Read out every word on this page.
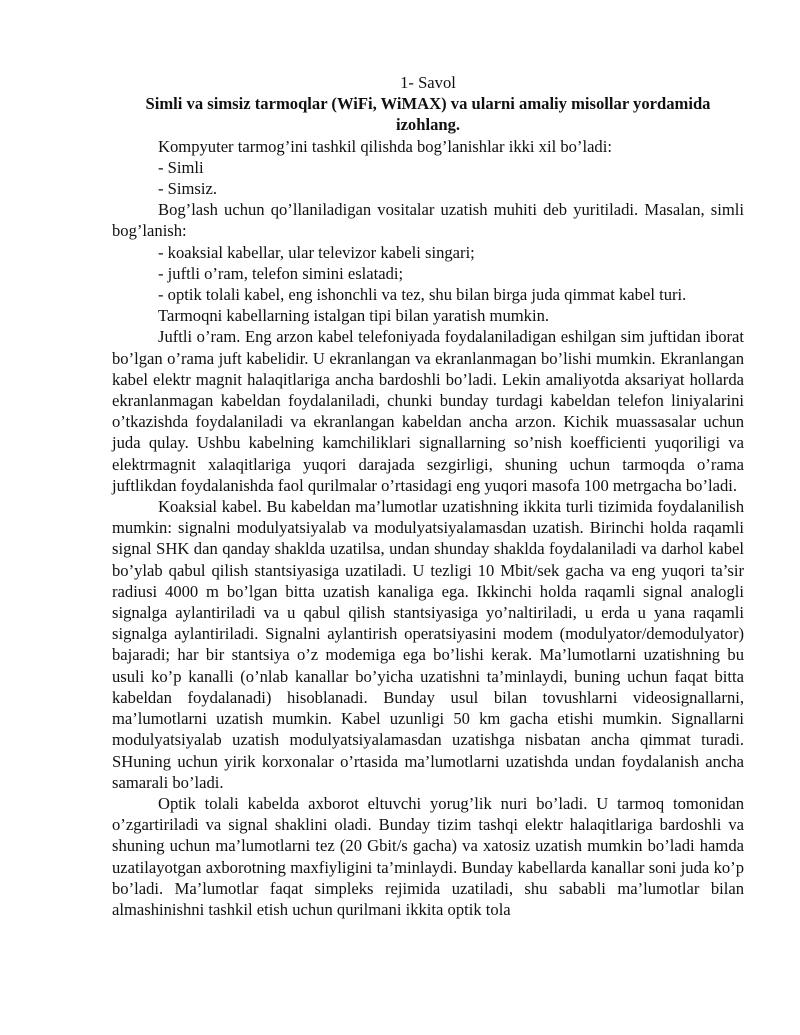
1- Savol

Simli va simsiz tarmoqlar (WiFi, WiMAX) va ularni amaliy misollar yordamida izohlang.

Kompyuter tarmog’ini tashkil qilishda bog’lanishlar ikki xil bo’ladi:

- Simli

- Simsiz.

Bog’lash uchun qo’llaniladigan vositalar uzatish muhiti deb yuritiladi. Masalan, simli bog’lanish:

- koaksial kabellar, ular televizor kabeli singari;

- juftli o’ram, telefon simini eslatadi;

- optik tolali kabel, eng ishonchli va tez, shu bilan birga juda qimmat kabel turi.

Tarmoqni kabellarning istalgan tipi bilan yaratish mumkin.

Juftli o’ram. Eng arzon kabel telefoniyada foydalaniladigan eshilgan sim juftidan iborat bo’lgan o’rama juft kabelidir. U ekranlangan va ekranlanmagan bo’lishi mumkin. Ekranlangan kabel elektr magnit halaqitlariga ancha bardoshli bo’ladi. Lekin amaliyotda aksariyat hollarda ekranlanmagan kabeldan foydalaniladi, chunki bunday turdagi kabeldan telefon liniyalarini o’tkazishda foydalaniladi va ekranlangan kabeldan ancha arzon. Kichik muassasalar uchun juda qulay. Ushbu kabelning kamchiliklari signallarning so’nish koefficienti yuqoriligi va elektrmagnit xalaqitlariga yuqori darajada sezgirligi, shuning uchun tarmoqda o’rama juftlikdan foydalanishda faol qurilmalar o’rtasidagi eng yuqori masofa 100 metrgacha bo’ladi.

Koaksial kabel. Bu kabeldan ma’lumotlar uzatishning ikkita turli tizimida foydalanilish mumkin: signalni modulyatsiyalab va modulyatsiyalamasdan uzatish. Birinchi holda raqamli signal SHK dan qanday shaklda uzatilsa, undan shunday shaklda foydalaniladi va darhol kabel bo’ylab qabul qilish stantsiyasiga uzatiladi. U tezligi 10 Mbit/sek gacha va eng yuqori ta’sir radiusi 4000 m bo’lgan bitta uzatish kanaliga ega. Ikkinchi holda raqamli signal analogli signalga aylantiriladi va u qabul qilish stantsiyasiga yo’naltiriladi, u erda u yana raqamli signalga aylantiriladi. Signalni aylantirish operatsiyasini modem (modulyator/demodulyator) bajaradi; har bir stantsiya o’z modemiga ega bo’lishi kerak. Ma’lumotlarni uzatishning bu usuli ko’p kanalli (o’nlab kanallar bo’yicha uzatishni ta’minlaydi, buning uchun faqat bitta kabeldan foydalanadi) hisoblanadi. Bunday usul bilan tovushlarni videosignallarni, ma’lumotlarni uzatish mumkin. Kabel uzunligi 50 km gacha etishi mumkin. Signallarni modulyatsiyalab uzatish modulyatsiyalamasdan uzatishga nisbatan ancha qimmat turadi. SHuning uchun yirik korxonalar o’rtasida ma’lumotlarni uzatishda undan foydalanish ancha samarali bo’ladi.

Optik tolali kabelda axborot eltuvchi yorug’lik nuri bo’ladi. U tarmoq tomonidan o’zgartiriladi va signal shaklini oladi. Bunday tizim tashqi elektr halaqitlariga bardoshli va shuning uchun ma’lumotlarni tez (20 Gbit/s gacha) va xatosiz uzatish mumkin bo’ladi hamda uzatilayotgan axborotning maxfiyligini ta’minlaydi. Bunday kabellarda kanallar soni juda ko’p bo’ladi. Ma’lumotlar faqat simpleks rejimida uzatiladi, shu sababli ma’lumotlar bilan almashinishni tashkil etish uchun qurilmani ikkita optik tola
